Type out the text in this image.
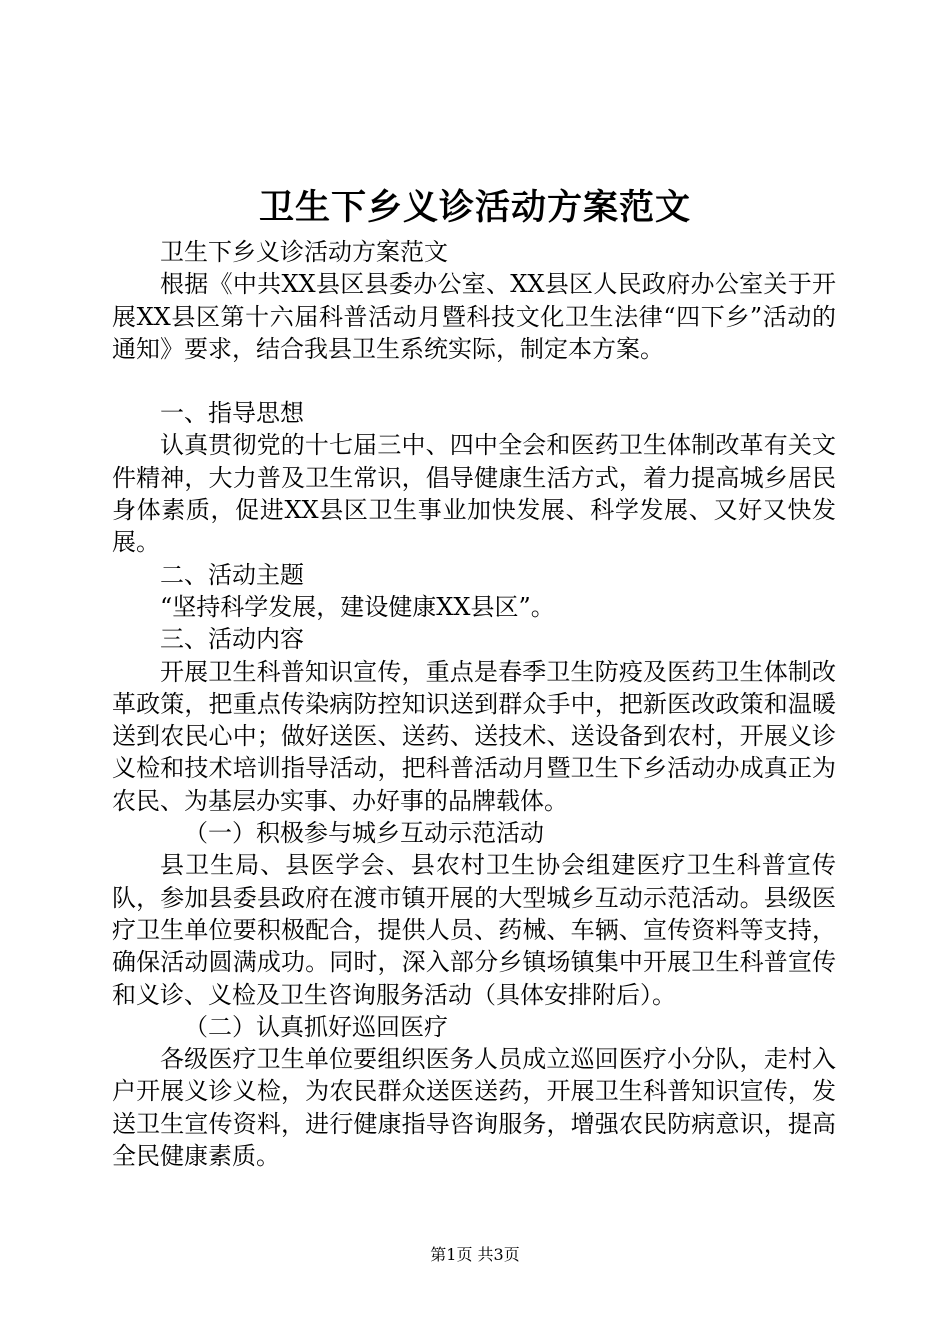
卫生下乡义诊活动方案范文

卫生下乡义诊活动方案范文

根据《中共XX县区县委办公室、XX县区人民政府办公室关于开展XX县区第十六届科普活动月暨科技文化卫生法律“四下乡”活动的通知》要求，结合我县卫生系统实际，制定本方案。

一、指导思想

认真贯彻党的十七届三中、四中全会和医药卫生体制改革有关文件精神，大力普及卫生常识，倡导健康生活方式，着力提高城乡居民身体素质，促进XX县区卫生事业加快发展、科学发展、又好又快发展。

二、活动主题

“坚持科学发展，建设健康XX县区”。

三、活动内容

开展卫生科普知识宣传，重点是春季卫生防疫及医药卫生体制改革政策，把重点传染病防控知识送到群众手中，把新医改政策和温暖送到农民心中；做好送医、送药、送技术、送设备到农村，开展义诊义检和技术培训指导活动，把科普活动月暨卫生下乡活动办成真正为农民、为基层办实事、办好事的品牌载体。

（一）积极参与城乡互动示范活动

县卫生局、县医学会、县农村卫生协会组建医疗卫生科普宣传队，参加县委县政府在渡市镇开展的大型城乡互动示范活动。县级医疗卫生单位要积极配合，提供人员、药械、车辆、宣传资料等支持，确保活动圆满成功。同时，深入部分乡镇场镇集中开展卫生科普宣传和义诊、义检及卫生咨询服务活动（具体安排附后）。

（二）认真抓好巡回医疗

各级医疗卫生单位要组织医务人员成立巡回医疗小分队，走村入户开展义诊义检，为农民群众送医送药，开展卫生科普知识宣传，发送卫生宣传资料，进行健康指导咨询服务，增强农民防病意识，提高全民健康素质。

第1页 共3页
